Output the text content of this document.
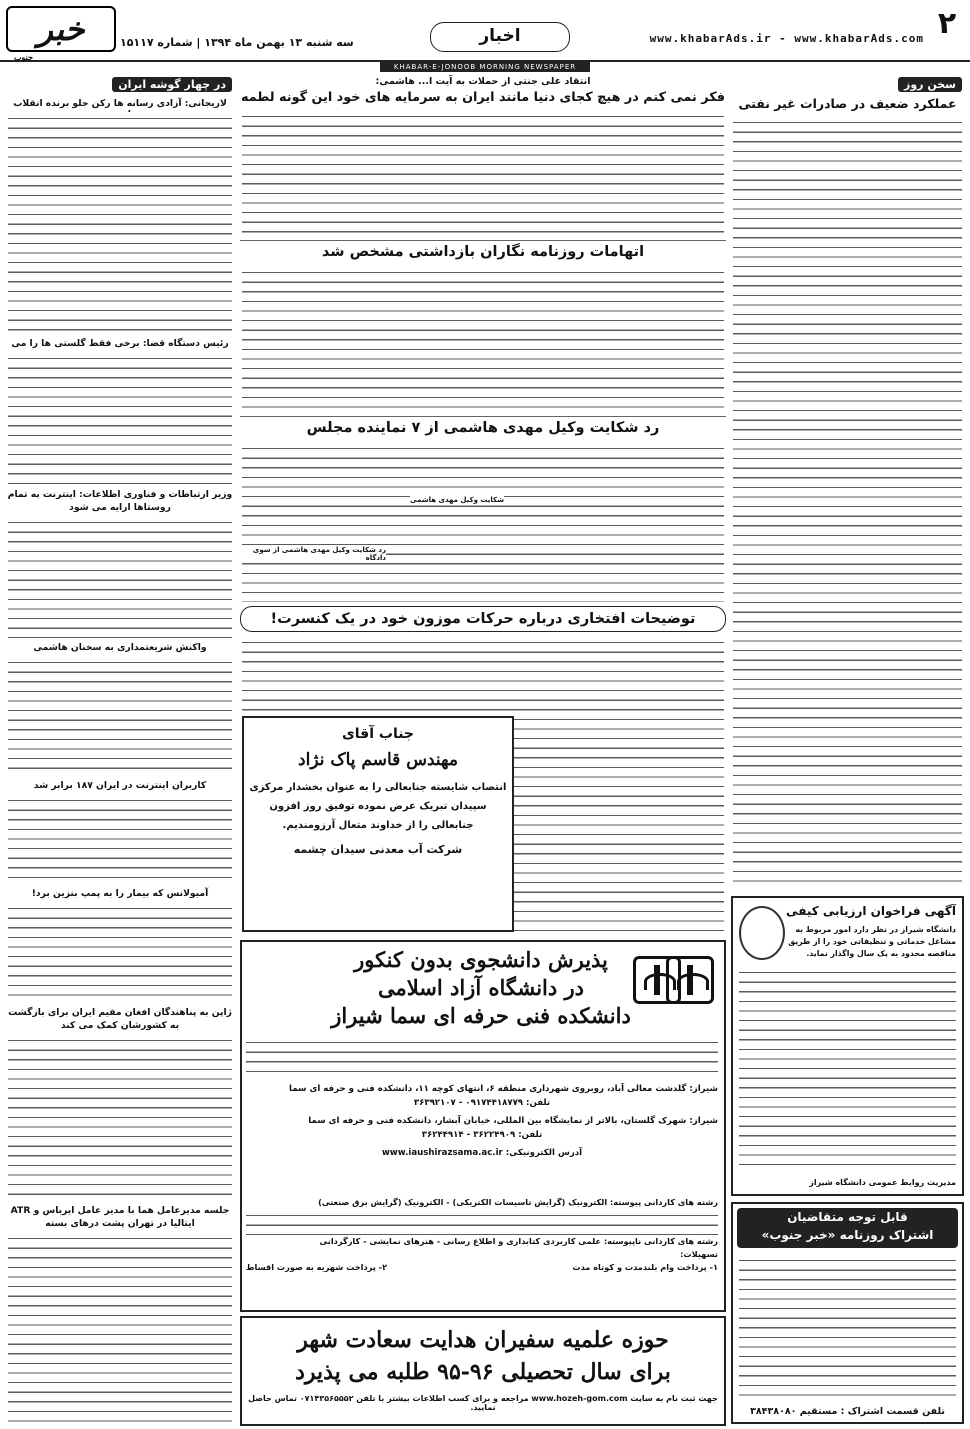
۲
www.khabarAds.ir - www.khabarAds.com
اخبار
سه شنبه ۱۳ بهمن ماه ۱۳۹۴ | شماره ۱۵۱۱۷
خبر
جنوب
KHABAR-E-JONOOB MORNING NEWSPAPER
سخن روز
عملکرد ضعیف در صادرات غیر نفتی
آگهی فراخوان ارزیابی کیفی
دانشگاه شیراز در نظر دارد امور مربوط به
مشاغل خدماتی و تنظیفاتی خود را از طریق
مناقصه محدود به یک سال واگذار نماید.
مدیریت روابط عمومی دانشگاه شیراز
قابل توجه متقاضیان
اشتراک روزنامه «خبر جنوب»
تلفن قسمت اشتراک : مستقیم ۳۸۴۳۸۰۸۰
انتقاد علی جنتی از حملات به آیت ا... هاشمی:
فکر نمی کنم در هیچ کجای دنیا مانند ایران به سرمایه های خود این گونه لطمه
اتهامات روزنامه نگاران بازداشتی مشخص شد
رد شکایت وکیل مهدی هاشمی از ۷ نماینده مجلس
شکایت وکیل مهدی هاشمی
رد شکایت وکیل مهدی هاشمی از سوی دادگاه
توضیحات افتخاری درباره حرکات موزون خود در یک کنسرت!
جناب آقای
مهندس قاسم پاک نژاد
انتصاب شایسته جنابعالی را به عنوان بخشدار مرکزی
سپیدان تبریک عرض نموده توفیق روز افزون
جنابعالی را از خداوند متعال آرزومندیم.
شرکت آب معدنی سیدان چشمه

پذیرش دانشجوی بدون کنکور
در دانشگاه آزاد اسلامی
دانشکده فنی حرفه ای سما شیراز
شیراز: گلدشت معالی آباد، روبروی شهرداری منطقه ۶، انتهای کوچه ۱۱، دانشکده فنی و حرفه ای سما
تلفن: ۰۹۱۷۴۴۱۸۷۷۹ - ۳۶۳۹۲۱۰۷
شیراز: شهرک گلستان، بالاتر از نمایشگاه بین المللی، خیابان آبشار، دانشکده فنی و حرفه ای سما
تلفن: ۳۶۲۲۴۹۰۹ - ۳۶۲۴۴۹۱۴
آدرس الکترونیکی: www.iaushirazsama.ac.ir
رشته های کاردانی پیوسته: الکترونیک (گرایش تاسیسات الکتریکی) - الکترونیک (گرایش برق صنعتی)
رشته های کاردانی ناپیوسته: علمی کاربردی کتابداری و اطلاع رسانی - هنرهای نمایشی - کارگردانی
تسهیلات:
۱- پرداخت وام بلندمدت و کوتاه مدت
۲- پرداخت شهریه به صورت اقساط
حوزه علمیه سفیران هدایت سعادت شهر
برای سال تحصیلی ۹۶-۹۵ طلبه می پذیرد
جهت ثبت نام به سایت www.hozeh-gom.com مراجعه و برای کسب اطلاعات بیشتر با تلفن ۰۷۱۴۳۵۶۵۵۵۲ تماس حاصل نمایید.
در چهار گوشه ایران
لاریجانی: آزادی رسانه ها رکن جلو برنده انقلاب
رئیس دستگاه قضا: برخی فقط گلستی ها را می
وزیر ارتباطات و فناوری اطلاعات: اینترنت به تمام روستاها ارایه می شود
واکنش شریعتمداری به سخنان هاشمی
کاربران اینترنت در ایران ۱۸۷ برابر شد
آمبولانس که بیمار را به پمپ بنزین برد!
ژاپن به پناهندگان افغان مقیم ایران برای بازگشت به کشورشان کمک می کند
جلسه مدیرعامل هما با مدیر عامل ایرباس و ATR ایتالیا در تهران پشت درهای بسته
